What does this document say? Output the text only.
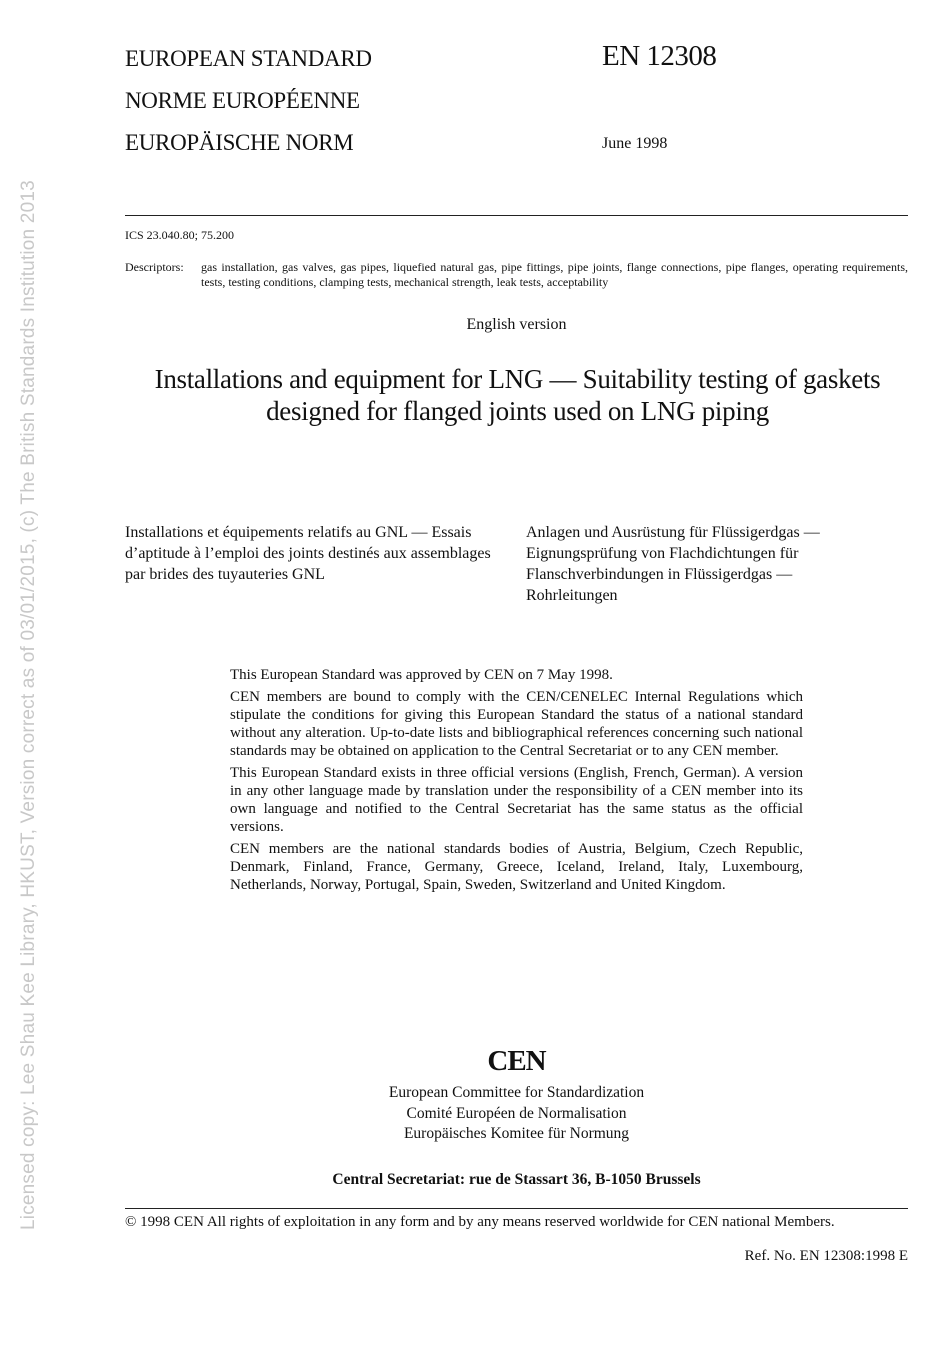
Licensed copy: Lee Shau Kee Library, HKUST, Version correct as of 03/01/2015, (c) The British Standards Institution 2013
EUROPEAN STANDARD
NORME EUROPÉENNE
EUROPÄISCHE NORM
EN 12308
June 1998
ICS 23.040.80; 75.200
Descriptors: gas installation, gas valves, gas pipes, liquefied natural gas, pipe fittings, pipe joints, flange connections, pipe flanges, operating requirements, tests, testing conditions, clamping tests, mechanical strength, leak tests, acceptability
English version
Installations and equipment for LNG — Suitability testing of gaskets
designed for flanged joints used on LNG piping
Installations et équipements relatifs au GNL — Essais d’aptitude à l’emploi des joints destinés aux assemblages par brides des tuyauteries GNL
Anlagen und Ausrüstung für Flüssigerdgas —
Eignungsprüfung von Flachdichtungen für
Flanschverbindungen in Flüssigerdgas —
Rohrleitungen

This European Standard was approved by CEN on 7 May 1998.

CEN members are bound to comply with the CEN/CENELEC Internal Regulations which stipulate the conditions for giving this European Standard the status of a national standard without any alteration. Up-to-date lists and bibliographical references concerning such national standards may be obtained on application to the Central Secretariat or to any CEN member.

This European Standard exists in three official versions (English, French, German). A version in any other language made by translation under the responsibility of a CEN member into its own language and notified to the Central Secretariat has the same status as the official versions.

CEN members are the national standards bodies of Austria, Belgium, Czech Republic, Denmark, Finland, France, Germany, Greece, Iceland, Ireland, Italy, Luxembourg, Netherlands, Norway, Portugal, Spain, Sweden, Switzerland and United Kingdom.

CEN
European Committee for Standardization
Comité Européen de Normalisation
Europäisches Komitee für Normung
Central Secretariat: rue de Stassart 36, B-1050 Brussels
© 1998 CEN All rights of exploitation in any form and by any means reserved worldwide for CEN national Members.
Ref. No. EN 12308:1998 E
